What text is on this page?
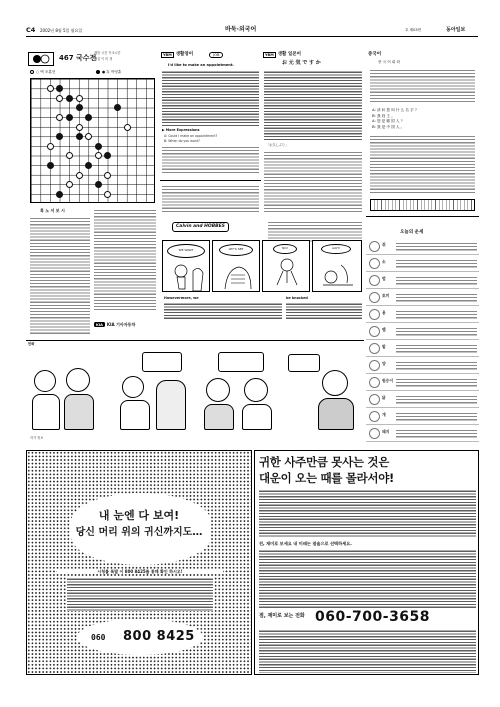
C4 2002년 8월 5일 월요일	바둑·외국어	호 제03면	동아일보
467 국수전
제한 시간 각 5시간
해설 이 미 정
○ 백 조훈현	● 흑 박영훈
흑 노 서 보 시
KIA	KIA 기아자동차
YBM 생활영어	JOB
I'd like to make an appointment.
▶ More Expressions
A: Could I make an appointment?
B: When do you want?
YBM 생활 일본어
お 元 気 で す か
「お久しぶり」
중국어
중 국 어 회 화
A: 请 问 您 叫 什 么 名 字 ?
B: 我 姓 王 。
A: 您 是 哪 国 人 ?
B: 我 是 中 国 人 。
Calvin and HOBBES
WE WANT	LET'S SEE	NO!	AAH!
Howevermore, we	be knocked
오늘의 운세
쥐
소
범
토끼
용
뱀
말
양
원숭이
닭
개
돼지
만화
작가 정보
내 눈엔 다 보여!
당신 머리 위의 귀신까지도…
시청률 폭발 이 800 8425를 통해 확인 하시오!
060 800 8425
귀한 사주만큼 못사는 것은
대운이 오는 때를 몰라서야!
전, 재미로 보세요 내 미래는 점술으로 선택하세요.
점, 재미로 보는 전화 060-700-3658
